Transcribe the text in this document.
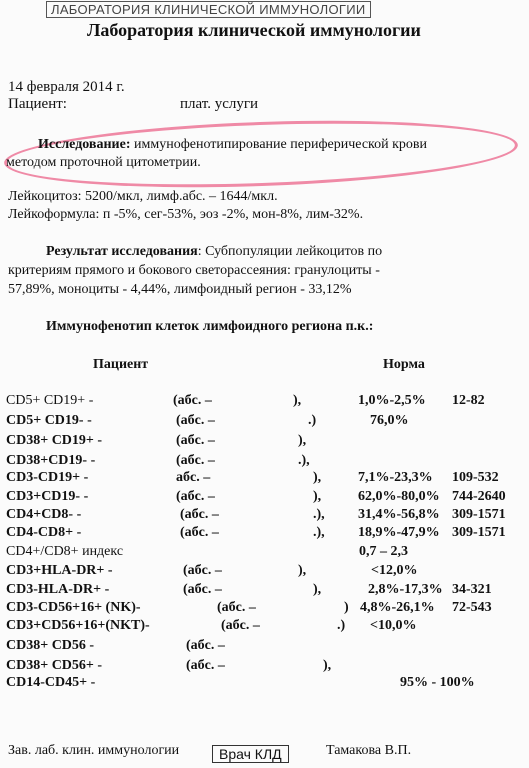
ЛАБОРАТОРИЯ КЛИНИЧЕСКОЙ ИММУНОЛОГИИ
Лаборатория клинической иммунологии
14 февраля 2014 г.
Пациент:	плат. услуги
Исследование: иммунофенотипирование периферической крови
методом проточной цитометрии.
Лейкоцитоз: 5200/мкл, лимф.абс. – 1644/мкл.
Лейкоформула: п -5%, сег-53%, эоз -2%, мон-8%, лим-32%.
Результат исследования: Субпопуляции лейкоцитов по
критериям прямого и бокового светорассеяния: гранулоциты -
57,89%, моноциты - 4,44%, лимфоидный регион - 33,12%
Иммунофенотип клеток лимфоидного региона п.к.:
Пациент	Норма
CD5+ CD19+ -	(абс. –	),	1,0%-2,5% 12-82
CD5+ CD19- -	(абс. –	.)	76,0%
CD38+ CD19+ -	(абс. –	),
CD38+CD19- -	(абс. –	.),
CD3-CD19+ -	абс. –	),	7,1%-23,3% 109-532
CD3+CD19- -	(абс. –	),	62,0%-80,0% 744-2640
CD4+CD8- -	(абс. –	.), 31,4%-56,8% 309-1571
CD4-CD8+ -	(абс. –	.), 18,9%-47,9% 309-1571
CD4+/CD8+ индекс	0,7 – 2,3
CD3+HLA-DR+ -	(абс. –	),	<12,0%
CD3-HLA-DR+ -	(абс. –	),	2,8%-17,3% 34-321
CD3-CD56+16+ (NK)-	(абс. –	) 4,8%-26,1% 72-543
CD3+CD56+16+(NKT)-	(абс. –	.) <10,0%
CD38+ CD56 -	(абс. –
CD38+ CD56+ -	(абс. –	),
CD14-CD45+ -	95% - 100%
Зав. лаб. клин. иммунологии	Врач КЛД	Тамакова В.П.
